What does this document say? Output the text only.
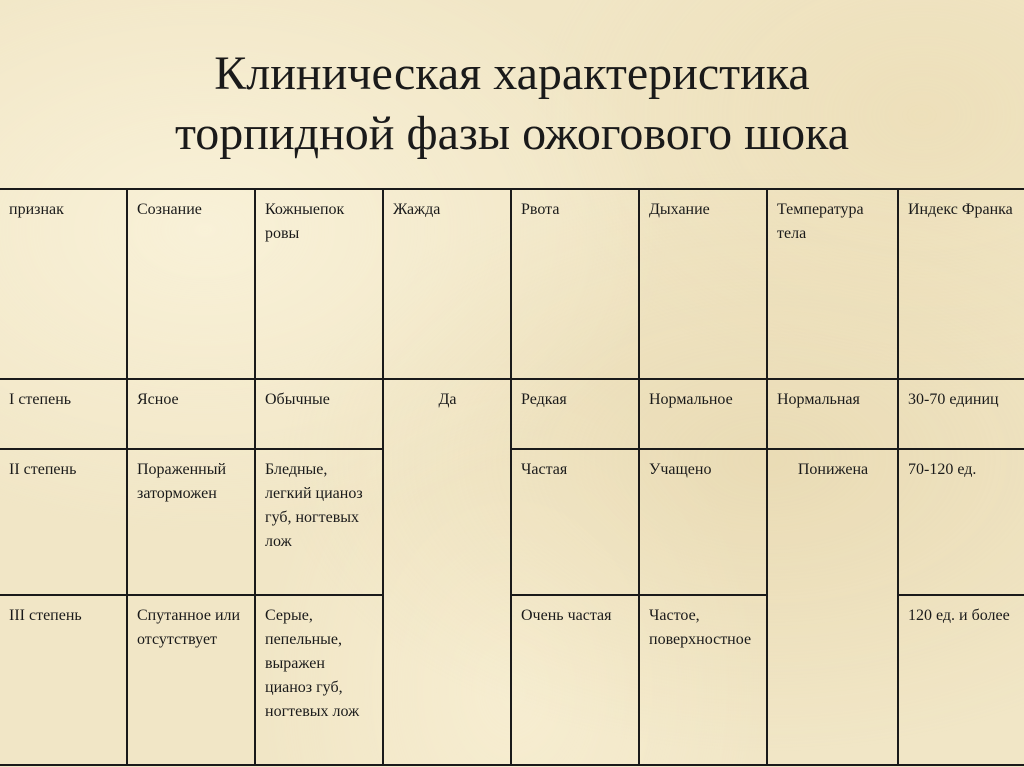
Клиническая характеристика
торпидной фазы ожогового шока
признак	Сознание	Кожныепок ровы	Жажда	Рвота	Дыхание	Температура тела	Индекс Франка
I степень	Ясное	Обычные	Да	Редкая	Нормальное	Нормальная	30-70 единиц
II степень	Пораженный заторможен	Бледные, легкий цианоз губ, ногтевых лож		Частая	Учащено	Понижена	70-120 ед.
III степень	Спутанное или отсутствует	Серые, пепельные, выражен цианоз губ, ногтевых лож		Очень частая	Частое, поверхностное		120 ед. и более
